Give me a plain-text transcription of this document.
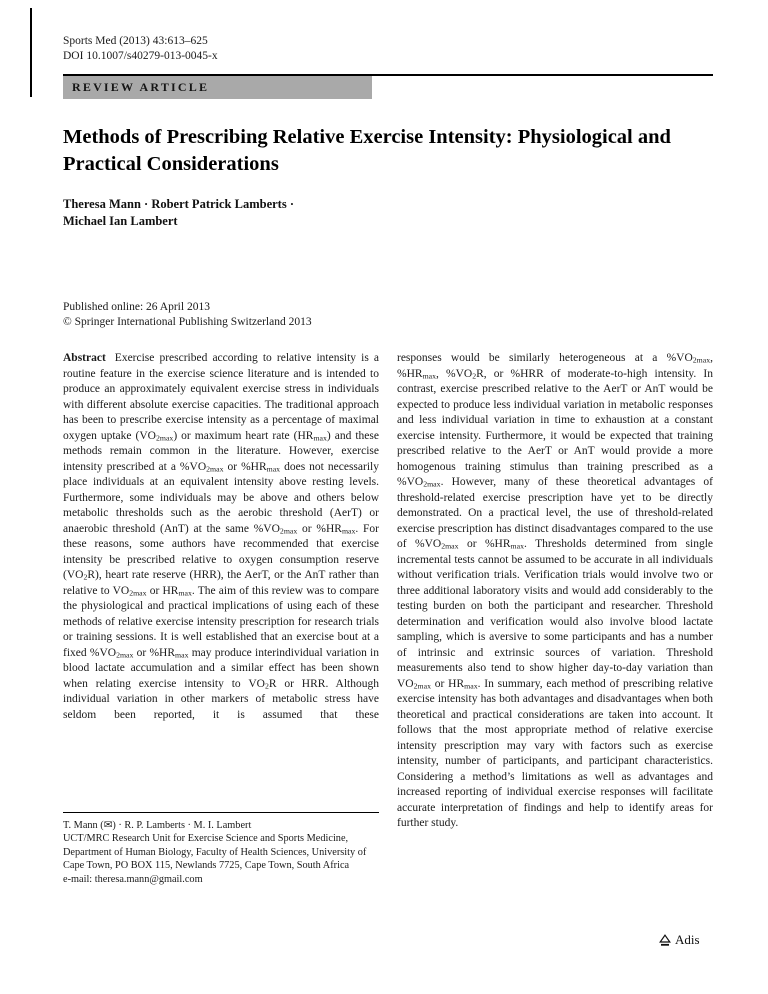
Sports Med (2013) 43:613–625
DOI 10.1007/s40279-013-0045-x
REVIEW ARTICLE
Methods of Prescribing Relative Exercise Intensity: Physiological and Practical Considerations
Theresa Mann · Robert Patrick Lamberts ·
Michael Ian Lambert
Published online: 26 April 2013
© Springer International Publishing Switzerland 2013
Abstract Exercise prescribed according to relative intensity is a routine feature in the exercise science literature and is intended to produce an approximately equivalent exercise stress in individuals with different absolute exercise capacities. The traditional approach has been to prescribe exercise intensity as a percentage of maximal oxygen uptake $(VO_{2max})$ or maximum heart rate $(HR_{max})$ and these methods remain common in the literature. However, exercise intensity prescribed at a $\%VO_{2max}$ or $\%HR_{max}$ does not necessarily place individuals at an equivalent intensity above resting levels. Furthermore, some individuals may be above and others below metabolic thresholds such as the aerobic threshold (AerT) or anaerobic threshold (AnT) at the same $\%VO_{2max}$ or $\%HR_{max}$. For these reasons, some authors have recommended that exercise intensity be prescribed relative to oxygen consumption reserve $(VO_2R)$, heart rate reserve (HRR), the AerT, or the AnT rather than relative to $VO_{2max}$ or $HR_{max}$. The aim of this review was to compare the physiological and practical implications of using each of these methods of relative exercise intensity prescription for research trials or training sessions. It is well established that an exercise bout at a fixed $\%VO_{2max}$ or $\%HR_{max}$ may produce interindividual variation in blood lactate accumulation and a similar effect has been shown when relating exercise intensity to $VO_2R$ or HRR. Although individual variation in other markers of metabolic stress have seldom been reported, it is assumed that these
responses would be similarly heterogeneous at a $\%VO_{2max}$, $\%HR_{max}$, $\%VO_2R$, or %HRR of moderate-to-high intensity. In contrast, exercise prescribed relative to the AerT or AnT would be expected to produce less individual variation in metabolic responses and less individual variation in time to exhaustion at a constant exercise intensity. Furthermore, it would be expected that training prescribed relative to the AerT or AnT would provide a more homogenous training stimulus than training prescribed as a $\%VO_{2max}$. However, many of these theoretical advantages of threshold-related exercise prescription have yet to be directly demonstrated. On a practical level, the use of threshold-related exercise prescription has distinct disadvantages compared to the use of $\%VO_{2max}$ or $\%HR_{max}$. Thresholds determined from single incremental tests cannot be assumed to be accurate in all individuals without verification trials. Verification trials would involve two or three additional laboratory visits and would add considerably to the testing burden on both the participant and researcher. Threshold determination and verification would also involve blood lactate sampling, which is aversive to some participants and has a number of intrinsic and extrinsic sources of variation. Threshold measurements also tend to show higher day-to-day variation than $VO_{2max}$ or $HR_{max}$. In summary, each method of prescribing relative exercise intensity has both advantages and disadvantages when both theoretical and practical considerations are taken into account. It follows that the most appropriate method of relative exercise intensity prescription may vary with factors such as exercise intensity, number of participants, and participant characteristics. Considering a method’s limitations as well as advantages and increased reporting of individual exercise responses will facilitate accurate interpretation of findings and help to identify areas for further study.
T. Mann (✉) · R. P. Lamberts · M. I. Lambert
UCT/MRC Research Unit for Exercise Science and Sports Medicine, Department of Human Biology, Faculty of Health Sciences, University of Cape Town, PO BOX 115, Newlands 7725, Cape Town, South Africa
e-mail: theresa.mann@gmail.com
Adis
